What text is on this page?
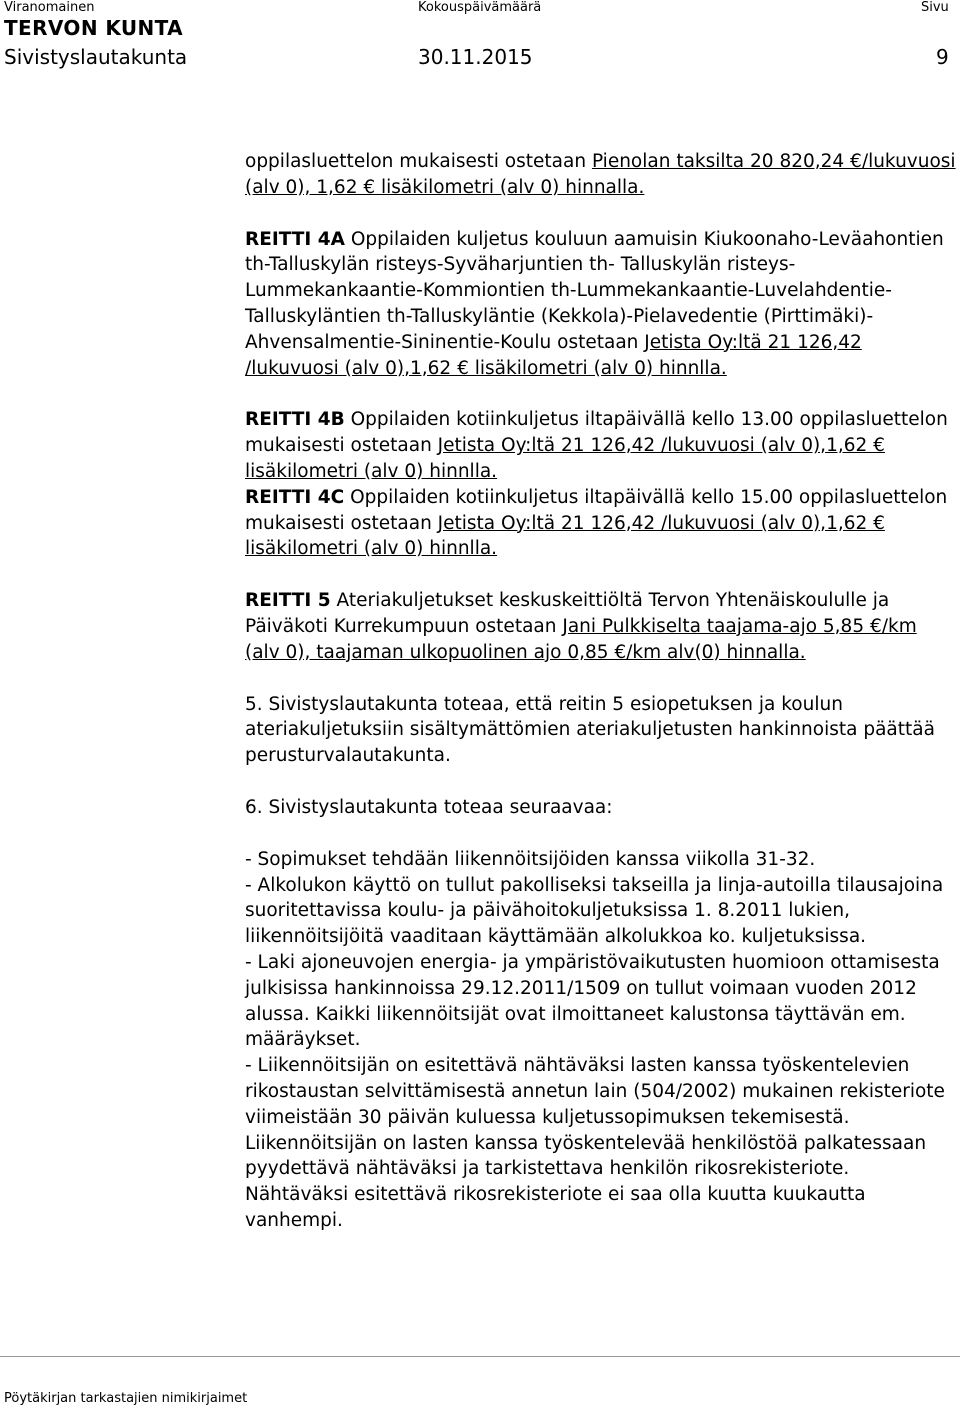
Viranomainen	Kokouspäivämäärä	Sivu
TERVON KUNTA
Sivistyslautakunta	30.11.2015	9

oppilasluettelon mukaisesti ostetaan Pienolan taksilta 20 820,24 €/lukuvuosi (alv 0), 1,62 € lisäkilometri (alv 0) hinnalla.

REITTI 4A Oppilaiden kuljetus kouluun aamuisin Kiukoonaho-Leväahontien th-Talluskylän risteys-Syväharjuntien th- Talluskylän risteys-Lummekankaantie-Kommiontien th-Lummekankaantie-Luvelahdentie-Talluskyläntien th-Talluskyläntie (Kekkola)-Pielavedentie (Pirttimäki)-Ahvensalmentie-Sininentie-Koulu ostetaan Jetista Oy:ltä 21 126,42 /lukuvuosi (alv 0),1,62 € lisäkilometri (alv 0) hinnlla.

REITTI 4B Oppilaiden kotiinkuljetus iltapäivällä kello 13.00 oppilasluettelon mukaisesti ostetaan Jetista Oy:ltä 21 126,42 /lukuvuosi (alv 0),1,62 € lisäkilometri (alv 0) hinnlla.

REITTI 4C Oppilaiden kotiinkuljetus iltapäivällä kello 15.00 oppilasluettelon mukaisesti ostetaan Jetista Oy:ltä 21 126,42 /lukuvuosi (alv 0),1,62 € lisäkilometri (alv 0) hinnlla.

REITTI 5 Ateriakuljetukset keskuskeittiöltä Tervon Yhtenäiskoululle ja Päiväkoti Kurrekumpuun ostetaan Jani Pulkkiselta taajama-ajo 5,85 €/km (alv 0), taajaman ulkopuolinen ajo 0,85 €/km alv(0) hinnalla.

5. Sivistyslautakunta toteaa, että reitin 5 esiopetuksen ja koulun ateriakuljetuksiin sisältymättömien ateriakuljetusten hankinnoista päättää perusturvalautakunta.

6. Sivistyslautakunta toteaa seuraavaa:

- Sopimukset tehdään liikennöitsijöiden kanssa viikolla 31-32.

- Alkolukon käyttö on tullut pakolliseksi takseilla ja linja-autoilla tilausajoina suoritettavissa koulu- ja päivähoitokuljetuksissa 1. 8.2011 lukien, liikennöitsijöitä vaaditaan käyttämään alkolukkoa ko. kuljetuksissa.

- Laki ajoneuvojen energia- ja ympäristövaikutusten huomioon ottamisesta julkisissa hankinnoissa 29.12.2011/1509 on tullut voimaan vuoden 2012 alussa. Kaikki liikennöitsijät ovat ilmoittaneet kalustonsa täyttävän em. määräykset.

- Liikennöitsijän on esitettävä nähtäväksi lasten kanssa työskentelevien rikostaustan selvittämisestä annetun lain (504/2002) mukainen rekisteriote viimeistään 30 päivän kuluessa kuljetussopimuksen tekemisestä. Liikennöitsijän on lasten kanssa työskentelevää henkilöstöä palkatessaan pyydettävä nähtäväksi ja tarkistettava henkilön rikosrekisteriote. Nähtäväksi esitettävä rikosrekisteriote ei saa olla kuutta kuukautta vanhempi.

Pöytäkirjan tarkastajien nimikirjaimet
